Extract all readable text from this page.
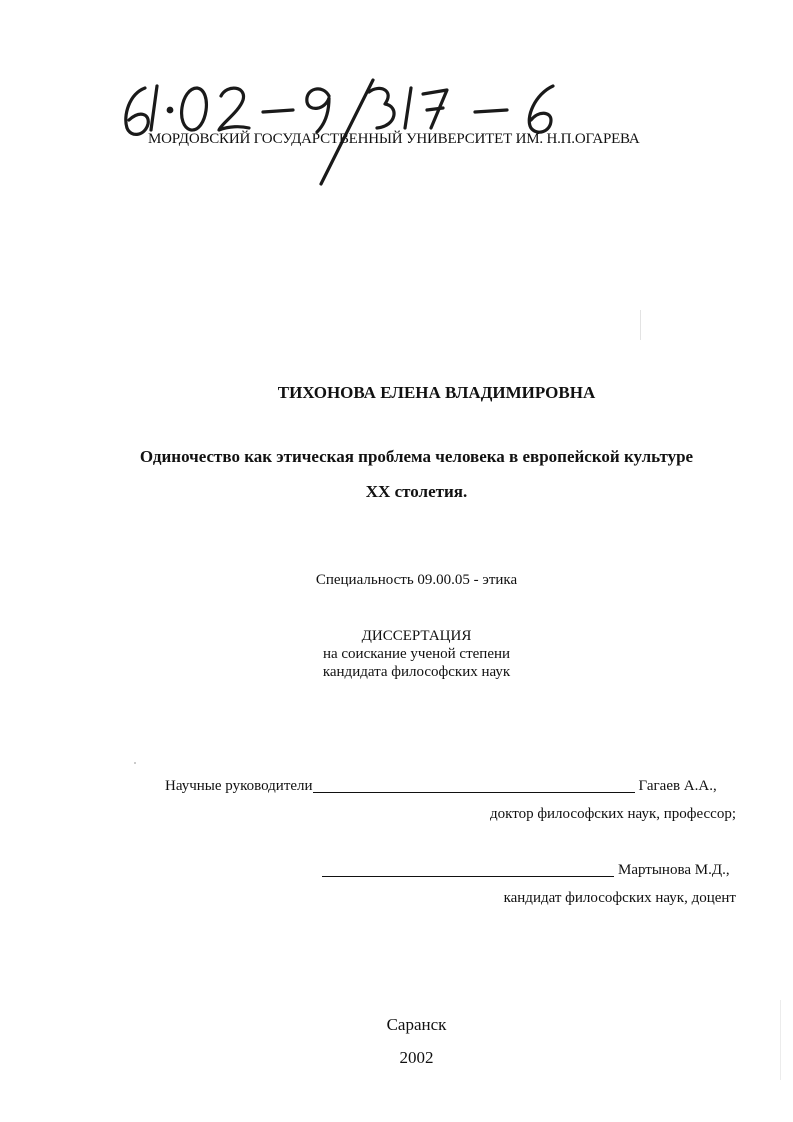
МОРДОВСКИЙ ГОСУДАРСТВЕННЫЙ УНИВЕРСИТЕТ ИМ. Н.П.ОГАРЕВА
ТИХОНОВА ЕЛЕНА ВЛАДИМИРОВНА
Одиночество как этическая проблема человека в европейской культуре
XX столетия.
Специальность 09.00.05 - этика
ДИССЕРТАЦИЯ
на соискание ученой степени
кандидата философских наук
Научные руководители	Гагаев А.А.,
доктор философских наук, профессор;
Мартынова М.Д.,
кандидат философских наук, доцент
Саранск
2002
